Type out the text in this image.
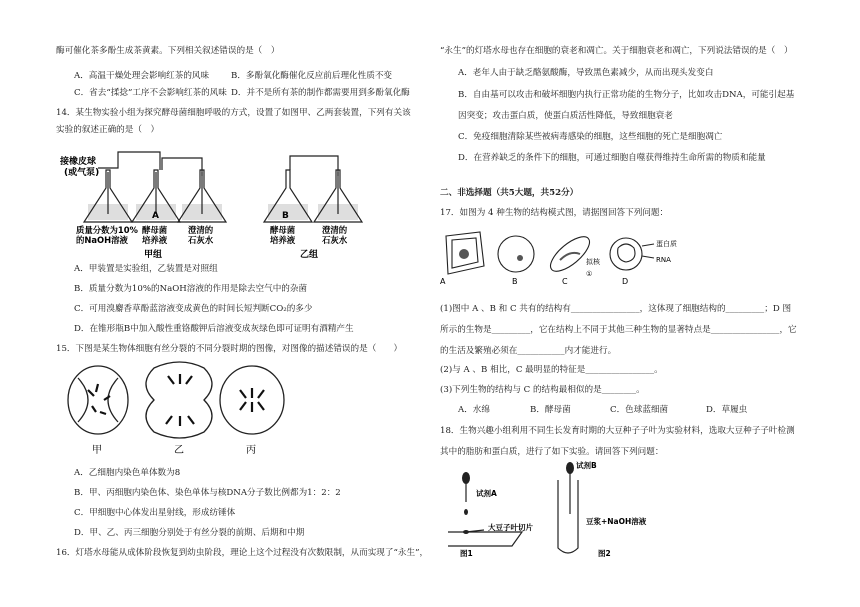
酶可催化茶多酚生成茶黄素。下列相关叙述错误的是（　）
A．高温干燥处理会影响红茶的风味	B．多酚氧化酶催化反应前后理化性质不变
C．省去“揉捻”工序不会影响红茶的风味 D．并不是所有茶的制作都需要用到多酚氧化酶
14．某生物实验小组为探究酵母菌细胞呼吸的方式，设置了如图甲、乙两套装置，下列有关该
实验的叙述正确的是（　）
接橡皮球
(或气泵)
A	B
质量分数为10%
的NaOH溶液
酵母菌
培养液
澄清的
石灰水
酵母菌
培养液
澄清的
石灰水
甲组	乙组
A．甲装置是实验组，乙装置是对照组
B．质量分数为10%的NaOH溶液的作用是除去空气中的杂菌
C．可用溴麝香草酚蓝溶液变成黄色的时间长短判断CO₂的多少
D．在锥形瓶B中加入酸性重铬酸钾后溶液变成灰绿色即可证明有酒精产生
15．下图是某生物体细胞有丝分裂的不同分裂时期的图像，对图像的描述错误的是（　　）
甲	乙	丙
A．乙细胞内染色单体数为8
B．甲、丙细胞内染色体、染色单体与核DNA分子数比例都为1：2：2
C．甲细胞中心体发出星射线，形成纺锤体
D．甲、乙、丙三细胞分别处于有丝分裂的前期、后期和中期
16．灯塔水母能从成体阶段恢复到幼虫阶段，理论上这个过程没有次数限制，从而实现了“永生”，
“永生”的灯塔水母也存在细胞的衰老和凋亡。关于细胞衰老和凋亡，下列说法错误的是（　）
A．老年人由于缺乏酪氨酸酶，导致黑色素减少，从而出现头发变白
B．自由基可以攻击和破坏细胞内执行正常功能的生物分子，比如攻击DNA，可能引起基
因突变；攻击蛋白质，使蛋白质活性降低，导致细胞衰老
C．免疫细胞清除某些被病毒感染的细胞，这些细胞的死亡是细胞凋亡
D．在营养缺乏的条件下的细胞，可通过细胞自噬获得维持生命所需的物质和能量
二、非选择题（共5大题，共52分）
17．如图为 4 种生物的结构模式图，请据图回答下列问题：
A	B	C	D
拟核
①
蛋白质
RNA
(1)图中 A 、B 和 C 共有的结构有________________，这体现了细胞结构的_________；D 图
所示的生物是_________，它在结构上不同于其他三种生物的显著特点是________________，它
的生活及繁殖必须在___________内才能进行。
(2)与 A 、B 相比，C 最明显的特征是________________。
(3)下列生物的结构与 C 的结构最相似的是________。
A．水绵	B．酵母菌	C．色球蓝细菌	D．草履虫
18．生物兴趣小组利用不同生长发育时期的大豆种子子叶为实验材料，选取大豆种子子叶检测
其中的脂肪和蛋白质，进行了如下实验。请回答下列问题：
试剂A
试剂B
大豆子叶切片
豆浆+NaOH溶液
图1	图2
